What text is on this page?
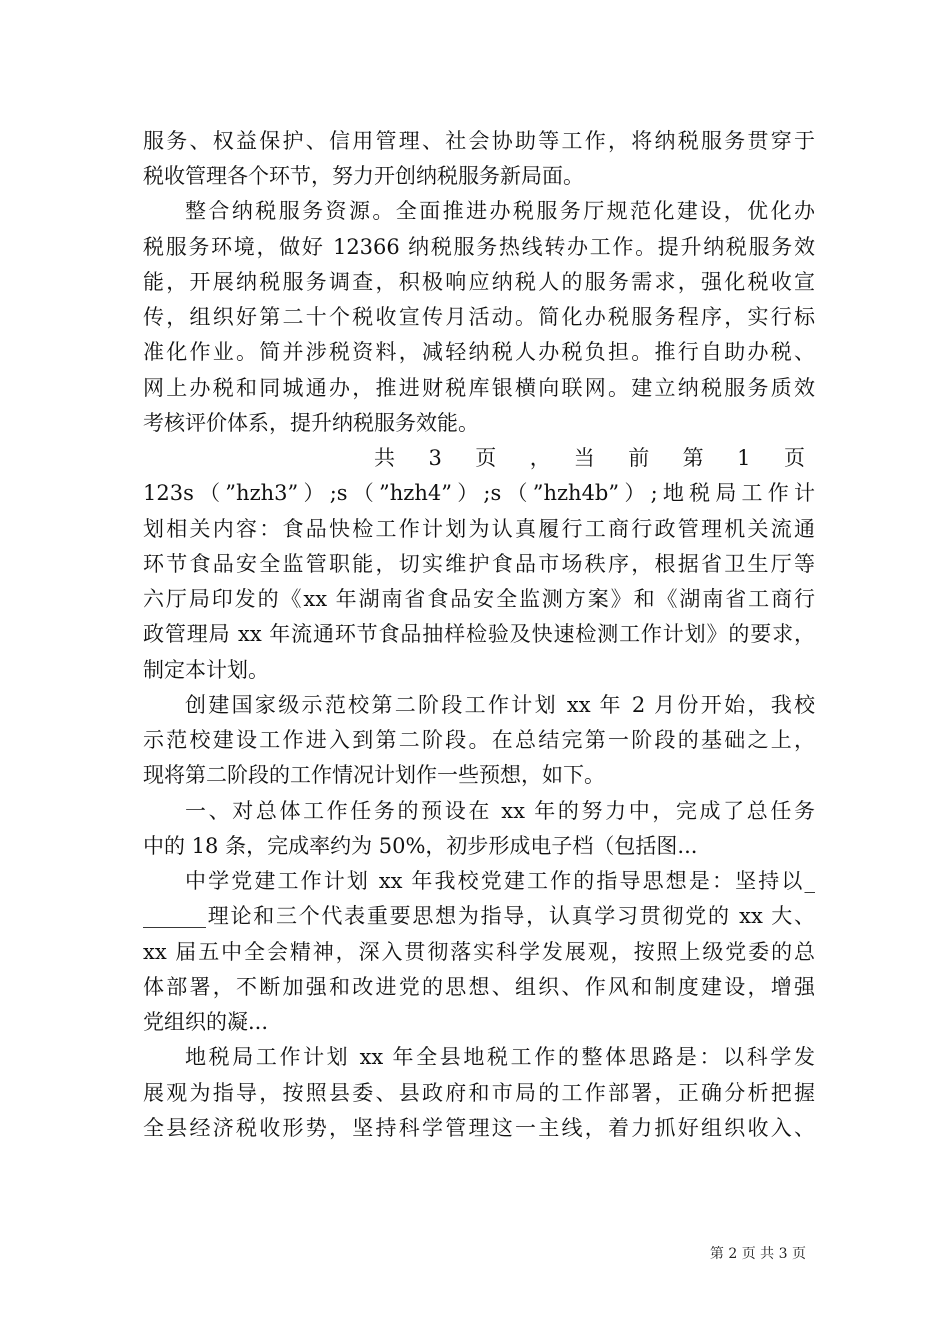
服务、权益保护、信用管理、社会协助等工作，将纳税服务贯穿于
税收管理各个环节，努力开创纳税服务新局面。
整合纳税服务资源。全面推进办税服务厅规范化建设，优化办
税服务环境，做好 12366 纳税服务热线转办工作。提升纳税服务效
能，开展纳税服务调查，积极响应纳税人的服务需求，强化税收宣
传，组织好第二十个税收宣传月活动。简化办税服务程序，实行标
准化作业。简并涉税资料，减轻纳税人办税负担。推行自助办税、
网上办税和同城通办，推进财税库银横向联网。建立纳税服务质效
考核评价体系，提升纳税服务效能。
共　3　页　，　当　前　第　1　页
123s（”hzh3”）;s（”hzh4”）;s（”hzh4b”）;地税局工作计
划相关内容：食品快检工作计划为认真履行工商行政管理机关流通
环节食品安全监管职能，切实维护食品市场秩序，根据省卫生厅等
六厅局印发的《xx 年湖南省食品安全监测方案》和《湖南省工商行
政管理局 xx 年流通环节食品抽样检验及快速检测工作计划》的要求，
制定本计划。
创建国家级示范校第二阶段工作计划 xx 年 2 月份开始，我校
示范校建设工作进入到第二阶段。在总结完第一阶段的基础之上，
现将第二阶段的工作情况计划作一些预想，如下。
一、对总体工作任务的预设在 xx 年的努力中，完成了总任务
中的 18 条，完成率约为 50%，初步形成电子档（包括图...
中学党建工作计划 xx 年我校党建工作的指导思想是：坚持以_
______理论和三个代表重要思想为指导，认真学习贯彻党的 xx 大、
xx 届五中全会精神，深入贯彻落实科学发展观，按照上级党委的总
体部署，不断加强和改进党的思想、组织、作风和制度建设，增强
党组织的凝...
地税局工作计划 xx 年全县地税工作的整体思路是：以科学发
展观为指导，按照县委、县政府和市局的工作部署，正确分析把握
全县经济税收形势，坚持科学管理这一主线，着力抓好组织收入、
第 2 页 共 3 页
